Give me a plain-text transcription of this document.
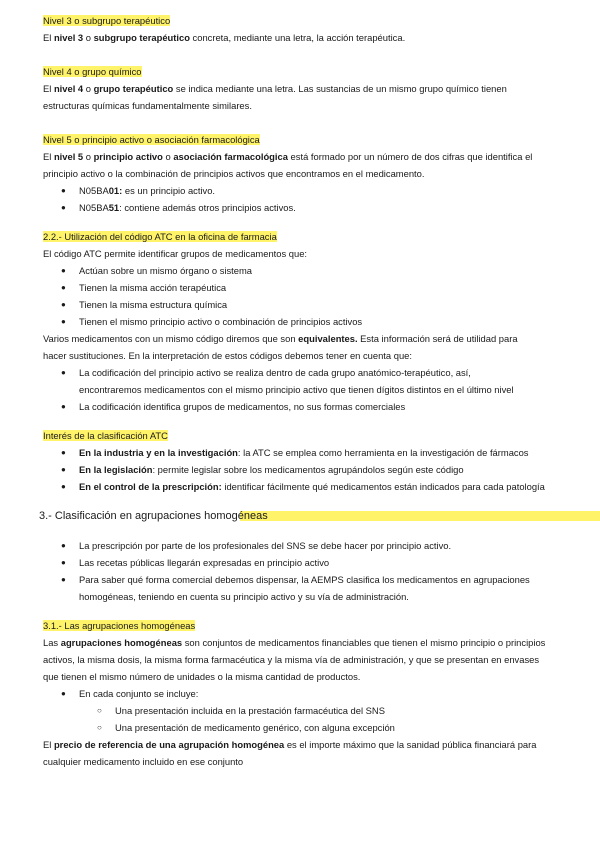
Nivel 3 o subgrupo terapéutico

El nivel 3 o subgrupo terapéutico concreta, mediante una letra, la acción terapéutica.

Nivel 4 o grupo químico

El nivel 4 o grupo terapéutico se indica mediante una letra. Las sustancias de un mismo grupo químico tienen
estructuras químicas fundamentalmente similares.

Nivel 5 o principio activo o asociación farmacológica

El nivel 5 o principio activo o asociación farmacológica está formado por un número de dos cifras que identifica el
principio activo o la combinación de principios activos que encontramos en el medicamento.

● N05BA01: es un principio activo.
● N05BA51: contiene además otros principios activos.

2.2.- Utilización del código ATC en la oficina de farmacia

El código ATC permite identificar grupos de medicamentos que:

● Actúan sobre un mismo órgano o sistema
● Tienen la misma acción terapéutica
● Tienen la misma estructura química
● Tienen el mismo principio activo o combinación de principios activos

Varios medicamentos con un mismo código diremos que son equivalentes. Esta información será de utilidad para
hacer sustituciones. En la interpretación de estos códigos debemos tener en cuenta que:

● La codificación del principio activo se realiza dentro de cada grupo anatómico-terapéutico, así,
encontraremos medicamentos con el mismo principio activo que tienen dígitos distintos en el último nivel
● La codificación identifica grupos de medicamentos, no sus formas comerciales

Interés de la clasificación ATC

● En la industria y en la investigación: la ATC se emplea como herramienta en la investigación de fármacos
● En la legislación: permite legislar sobre los medicamentos agrupándolos según este código
● En el control de la prescripción: identificar fácilmente qué medicamentos están indicados para cada patología

3.- Clasificación en agrupaciones homogéneas

● La prescripción por parte de los profesionales del SNS se debe hacer por principio activo.
● Las recetas públicas llegarán expresadas en principio activo
● Para saber qué forma comercial debemos dispensar, la AEMPS clasifica los medicamentos en agrupaciones
homogéneas, teniendo en cuenta su principio activo y su vía de administración.

3.1.- Las agrupaciones homogéneas

Las agrupaciones homogéneas son conjuntos de medicamentos financiables que tienen el mismo principio o principios
activos, la misma dosis, la misma forma farmacéutica y la misma vía de administración, y que se presentan en envases
que tienen el mismo número de unidades o la misma cantidad de productos.

● En cada conjunto se incluye:
○ Una presentación incluida en la prestación farmacéutica del SNS
○ Una presentación de medicamento genérico, con alguna excepción

El precio de referencia de una agrupación homogénea es el importe máximo que la sanidad pública financiará para
cualquier medicamento incluido en ese conjunto
